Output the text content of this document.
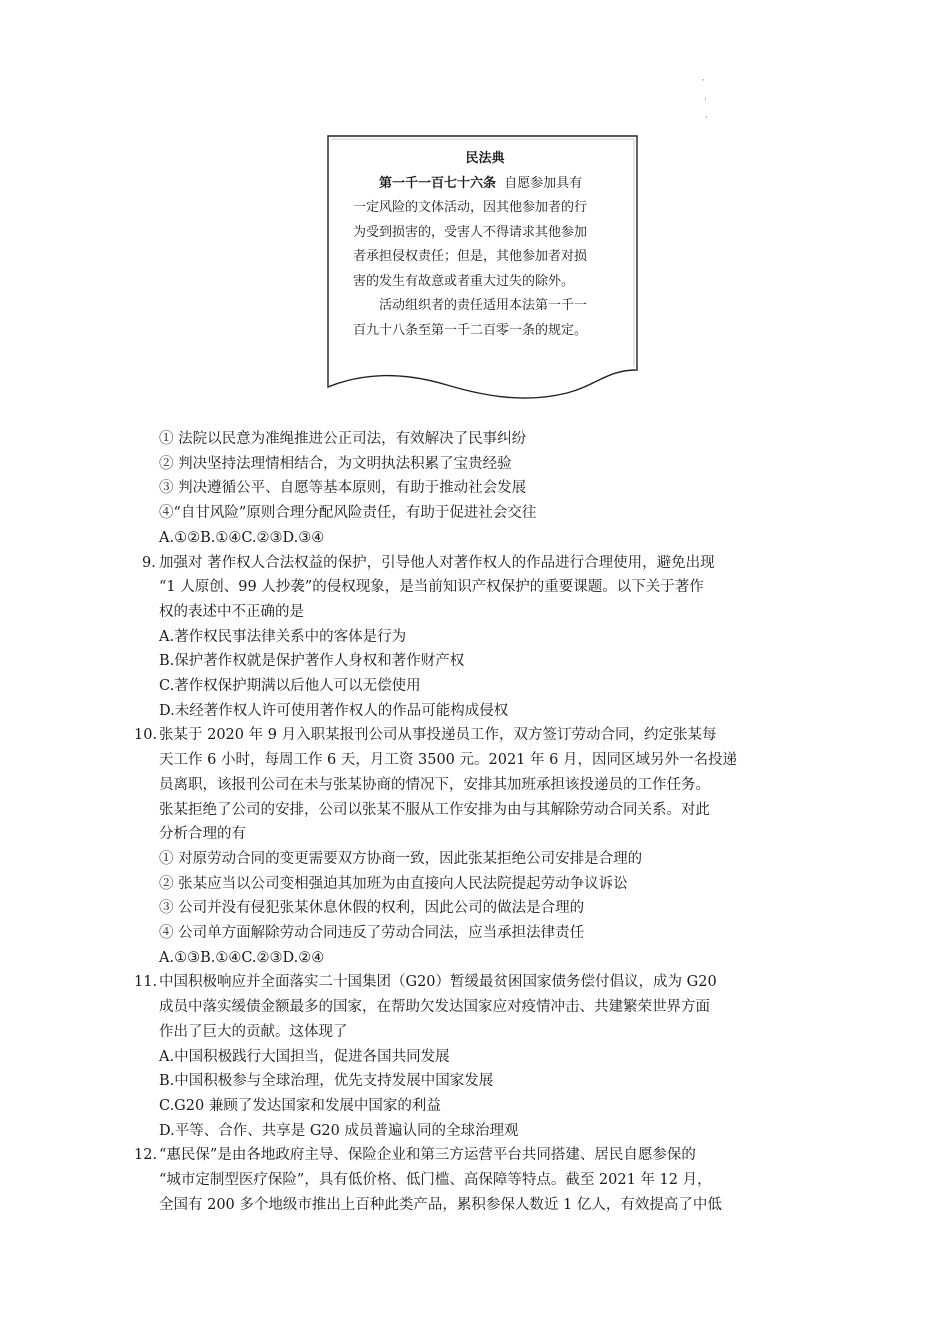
·
·
·
民法典
第一千一百七十六条 自愿参加具有
一定风险的文体活动，因其他参加者的行
为受到损害的，受害人不得请求其他参加
者承担侵权责任；但是，其他参加者对损
害的发生有故意或者重大过失的除外。
活动组织者的责任适用本法第一千一
百九十八条至第一千二百零一条的规定。
① 法院以民意为准绳推进公正司法，有效解决了民事纠纷
② 判决坚持法理情相结合，为文明执法积累了宝贵经验
③ 判决遵循公平、自愿等基本原则，有助于推动社会发展
④“自甘风险”原则合理分配风险责任，有助于促进社会交往
A.①②B.①④C.②③D.③④
9. 加强对 著作权人合法权益的保护，引导他人对著作权人的作品进行合理使用，避免出现
“1 人原创、99 人抄袭”的侵权现象，是当前知识产权保护的重要课题。以下关于著作
权的表述中不正确的是
A.著作权民事法律关系中的客体是行为
B.保护著作权就是保护著作人身权和著作财产权
C.著作权保护期满以后他人可以无偿使用
D.未经著作权人许可使用著作权人的作品可能构成侵权
10. 张某于 2020 年 9 月入职某报刊公司从事投递员工作，双方签订劳动合同，约定张某每
天工作 6 小时，每周工作 6 天，月工资 3500 元。2021 年 6 月，因同区域另外一名投递
员离职，该报刊公司在未与张某协商的情况下，安排其加班承担该投递员的工作任务。
张某拒绝了公司的安排，公司以张某不服从工作安排为由与其解除劳动合同关系。对此
分析合理的有
① 对原劳动合同的变更需要双方协商一致，因此张某拒绝公司安排是合理的
② 张某应当以公司变相强迫其加班为由直接向人民法院提起劳动争议诉讼
③ 公司并没有侵犯张某休息休假的权利，因此公司的做法是合理的
④ 公司单方面解除劳动合同违反了劳动合同法，应当承担法律责任
A.①③B.①④C.②③D.②④
11. 中国积极响应并全面落实二十国集团（G20）暂缓最贫困国家债务偿付倡议，成为 G20
成员中落实缓债金额最多的国家，在帮助欠发达国家应对疫情冲击、共建繁荣世界方面
作出了巨大的贡献。这体现了
A.中国积极践行大国担当，促进各国共同发展
B.中国积极参与全球治理，优先支持发展中国家发展
C.G20 兼顾了发达国家和发展中国家的利益
D.平等、合作、共享是 G20 成员普遍认同的全球治理观
12. “惠民保”是由各地政府主导、保险企业和第三方运营平台共同搭建、居民自愿参保的
“城市定制型医疗保险”，具有低价格、低门槛、高保障等特点。截至 2021 年 12 月，
全国有 200 多个地级市推出上百种此类产品，累积参保人数近 1 亿人，有效提高了中低
